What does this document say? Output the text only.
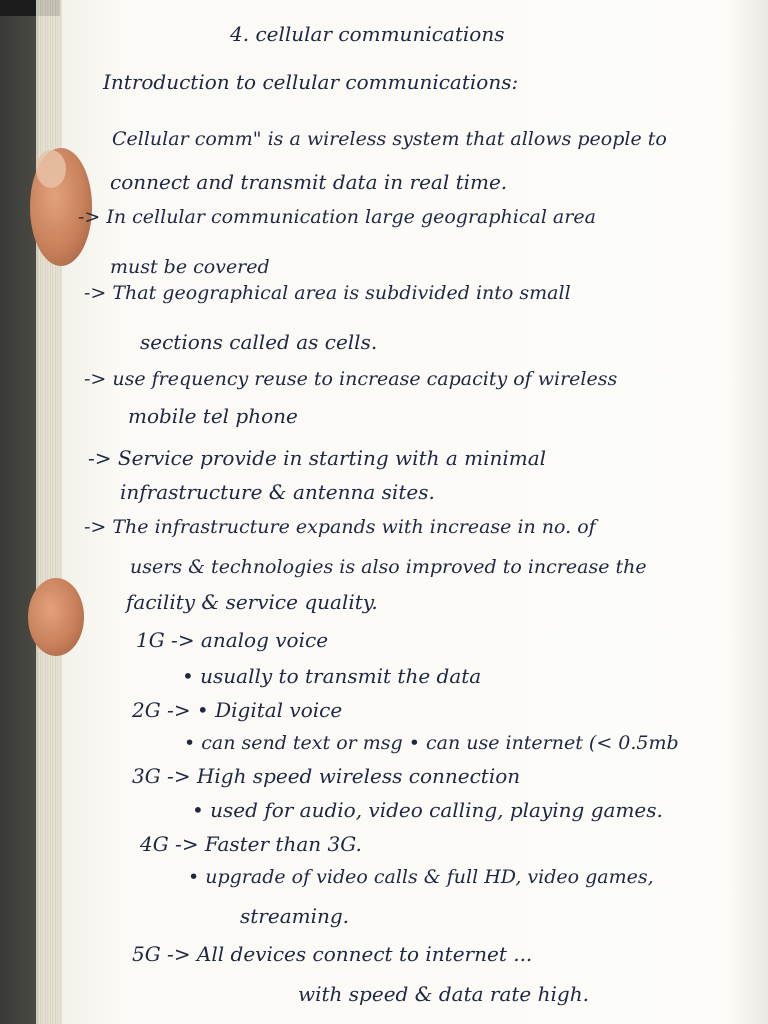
4. cellular communications
Introduction to cellular communications:
Cellular comm" is a wireless system that allows people to
connect and transmit data in real time.
-> In cellular communication large geographical area
must be covered
-> That geographical area is subdivided into small
sections called as cells.
-> use frequency reuse to increase capacity of wireless
mobile tel phone
-> Service provide in starting with a minimal
infrastructure & antenna sites.
-> The infrastructure expands with increase in no. of
users & technologies is also improved to increase the
facility & service quality.
1G -> analog voice
• usually to transmit the data
2G -> • Digital voice
• can send text or msg • can use internet (< 0.5mb
3G -> High speed wireless connection
• used for audio, video calling, playing games.
4G -> Faster than 3G.
• upgrade of video calls & full HD, video games,
streaming.
5G -> All devices connect to internet ...
with speed & data rate high.
